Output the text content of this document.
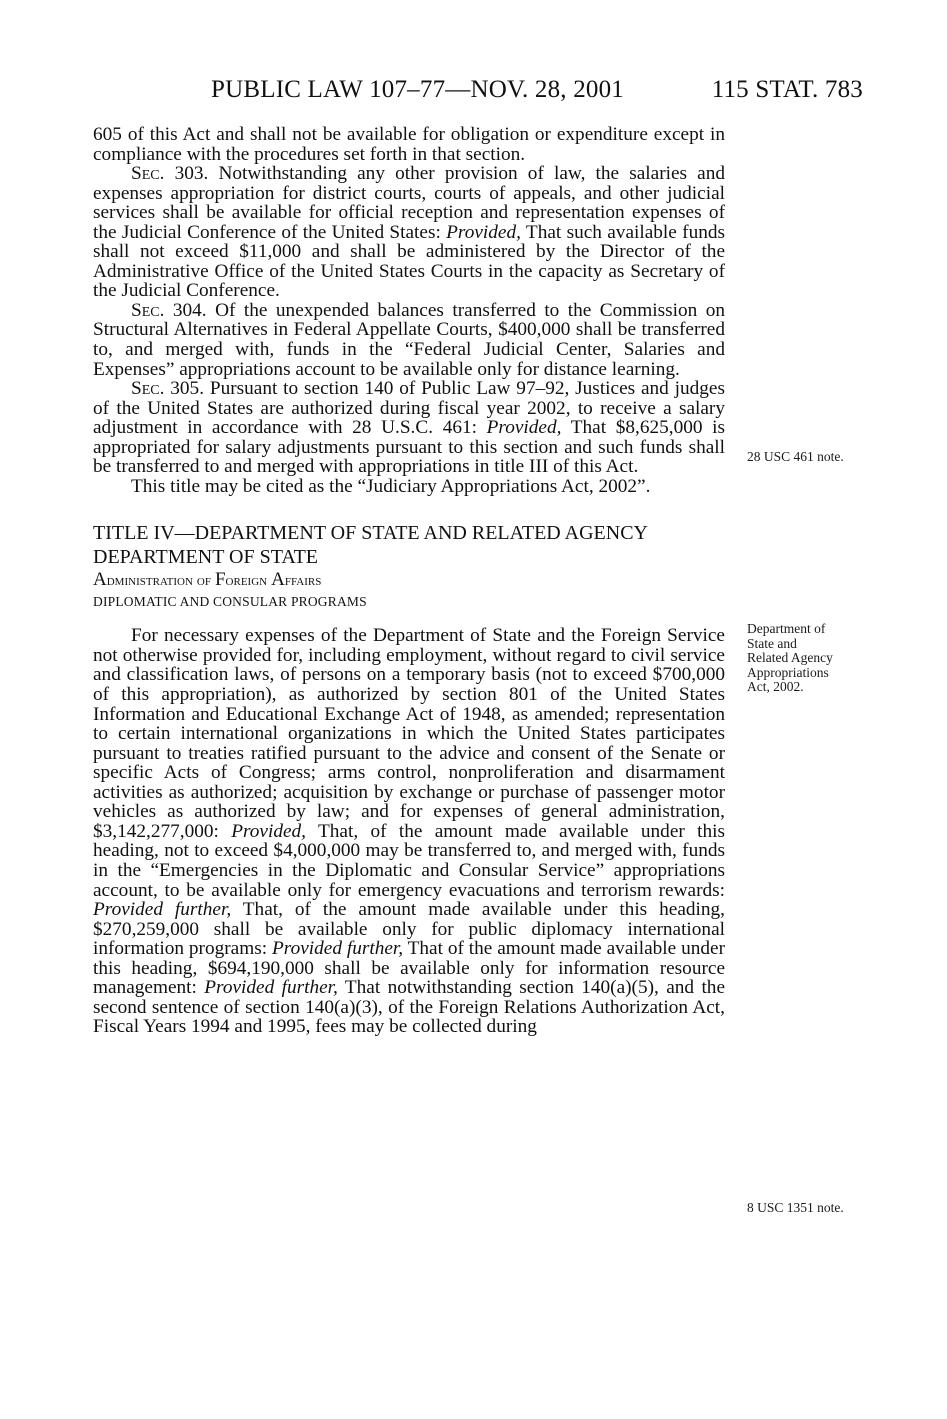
PUBLIC LAW 107–77—NOV. 28, 2001	115 STAT. 783

605 of this Act and shall not be available for obligation or expenditure except in compliance with the procedures set forth in that section.

Sec. 303. Notwithstanding any other provision of law, the salaries and expenses appropriation for district courts, courts of appeals, and other judicial services shall be available for official reception and representation expenses of the Judicial Conference of the United States: Provided, That such available funds shall not exceed $11,000 and shall be administered by the Director of the Administrative Office of the United States Courts in the capacity as Secretary of the Judicial Conference.

Sec. 304. Of the unexpended balances transferred to the Commission on Structural Alternatives in Federal Appellate Courts, $400,000 shall be transferred to, and merged with, funds in the “Federal Judicial Center, Salaries and Expenses” appropriations account to be available only for distance learning.

Sec. 305. Pursuant to section 140 of Public Law 97–92, Justices and judges of the United States are authorized during fiscal year 2002, to receive a salary adjustment in accordance with 28 U.S.C. 461: Provided, That $8,625,000 is appropriated for salary adjustments pursuant to this section and such funds shall be transferred to and merged with appropriations in title III of this Act.

This title may be cited as the “Judiciary Appropriations Act, 2002”.

TITLE IV—DEPARTMENT OF STATE AND RELATED AGENCY

DEPARTMENT OF STATE

Administration of Foreign Affairs

DIPLOMATIC AND CONSULAR PROGRAMS

For necessary expenses of the Department of State and the Foreign Service not otherwise provided for, including employment, without regard to civil service and classification laws, of persons on a temporary basis (not to exceed $700,000 of this appropriation), as authorized by section 801 of the United States Information and Educational Exchange Act of 1948, as amended; representation to certain international organizations in which the United States participates pursuant to treaties ratified pursuant to the advice and consent of the Senate or specific Acts of Congress; arms control, nonproliferation and disarmament activities as authorized; acquisition by exchange or purchase of passenger motor vehicles as authorized by law; and for expenses of general administration, $3,142,277,000: Provided, That, of the amount made available under this heading, not to exceed $4,000,000 may be transferred to, and merged with, funds in the “Emergencies in the Diplomatic and Consular Service” appropriations account, to be available only for emergency evacuations and terrorism rewards: Provided further, That, of the amount made available under this heading, $270,259,000 shall be available only for public diplomacy international information programs: Provided further, That of the amount made available under this heading, $694,190,000 shall be available only for information resource management: Provided further, That notwithstanding section 140(a)(5), and the second sentence of section 140(a)(3), of the Foreign Relations Authorization Act, Fiscal Years 1994 and 1995, fees may be collected during

28 USC 461 note.
Department of
State and
Related Agency
Appropriations
Act, 2002.
8 USC 1351 note.
